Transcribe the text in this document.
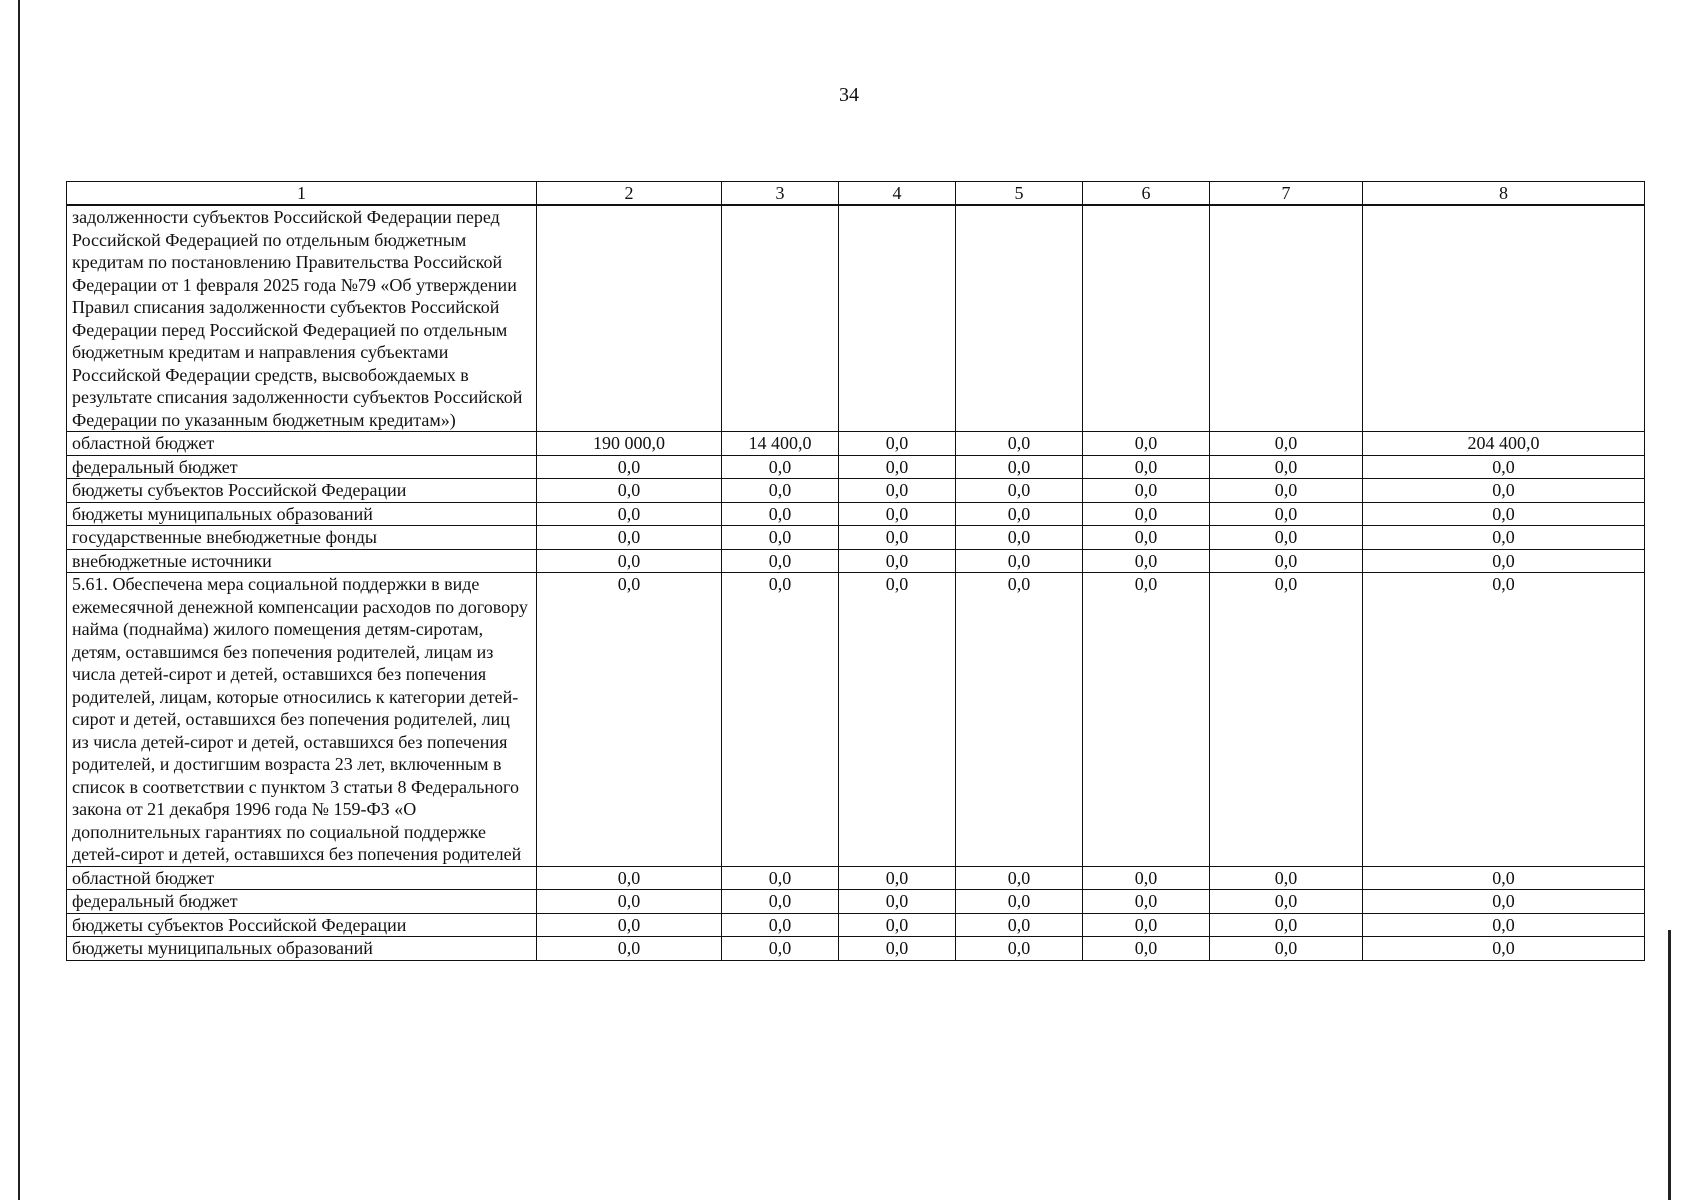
34
1	2	3	4	5	6	7	8
задолженности субъектов Российской Федерации перед Российской Федерацией по отдельным бюджетным кредитам по постановлению Правительства Российской Федерации от 1 февраля 2025 года №79 «Об утверждении Правил списания задолженности субъектов Российской Федерации перед Российской Федерацией по отдельным бюджетным кредитам и направления субъектами Российской Федерации средств, высвобождаемых в результате списания задолженности субъектов Российской Федерации по указанным бюджетным кредитам»)							
областной бюджет	190 000,0	14 400,0	0,0	0,0	0,0	0,0	204 400,0
федеральный бюджет	0,0	0,0	0,0	0,0	0,0	0,0	0,0
бюджеты субъектов Российской Федерации	0,0	0,0	0,0	0,0	0,0	0,0	0,0
бюджеты муниципальных образований	0,0	0,0	0,0	0,0	0,0	0,0	0,0
государственные внебюджетные фонды	0,0	0,0	0,0	0,0	0,0	0,0	0,0
внебюджетные источники	0,0	0,0	0,0	0,0	0,0	0,0	0,0
5.61. Обеспечена мера социальной поддержки в виде ежемесячной денежной компенсации расходов по договору найма (поднайма) жилого помещения детям-сиротам, детям, оставшимся без попечения родителей, лицам из числа детей-сирот и детей, оставшихся без попечения родителей, лицам, которые относились к категории детей-сирот и детей, оставшихся без попечения родителей, лиц из числа детей-сирот и детей, оставшихся без попечения родителей, и достигшим возраста 23 лет, включенным в список в соответствии с пунктом 3 статьи 8 Федерального закона от 21 декабря 1996 года № 159-ФЗ «О дополнительных гарантиях по социальной поддержке детей-сирот и детей, оставшихся без попечения родителей	0,0	0,0	0,0	0,0	0,0	0,0	0,0
областной бюджет	0,0	0,0	0,0	0,0	0,0	0,0	0,0
федеральный бюджет	0,0	0,0	0,0	0,0	0,0	0,0	0,0
бюджеты субъектов Российской Федерации	0,0	0,0	0,0	0,0	0,0	0,0	0,0
бюджеты муниципальных образований	0,0	0,0	0,0	0,0	0,0	0,0	0,0
